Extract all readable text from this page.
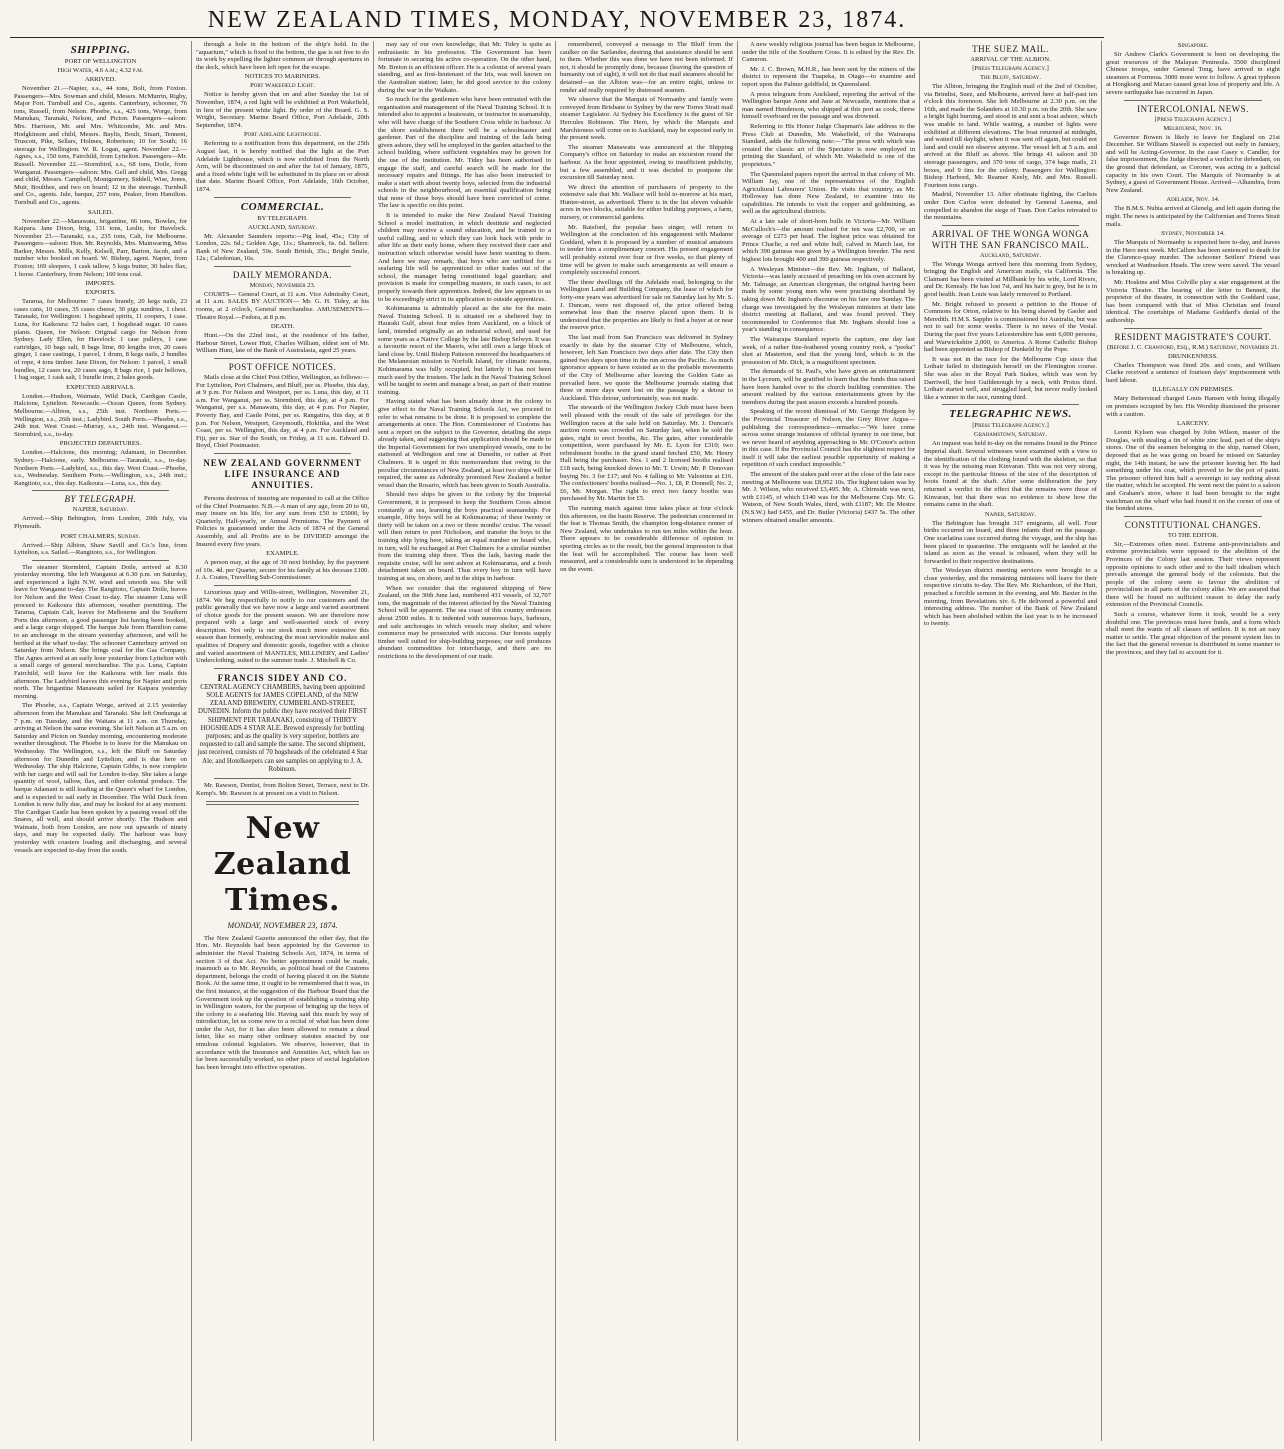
NEW ZEALAND TIMES, MONDAY, NOVEMBER 23, 1874.
SHIPPING.
PORT OF WELLINGTON
High Water, 4.6 a.m.; 4.32 p.m.
ARRIVED.

November 21.—Napier, s.s., 44 tons, Bolt, from Foxton. Passengers—Mrs. Sowman and child, Messrs. McMurrin, Rigby, Major Fort. Turnbull and Co., agents. Canterbury, schooner, 76 tons, Russell, from Nelson. Phoebe, s.s., 425 tons, Worge, from Manukau, Taranaki, Nelson, and Picton. Passengers—saloon: Mrs. Harrison, Mr. and Mrs. Whitcombe, Mr. and Mrs. Hodgkinson and child, Messrs. Baylis, Boult, Stuart, Tennent, Truscott, Pike, Sellars, Holmes, Robertson; 10 for South; 16 steerage for Wellington. W. R. Logan, agent. November 22.—Agnes, s.s., 150 tons, Fairchild, from Lyttelton. Passengers—Mr. Russell. November 22.—Stormbird, s.s., 68 tons, Doile, from Wanganui. Passengers—saloon: Mrs. Gell and child, Mrs. Gregg and child, Messrs. Campbell, Montgomery, Siddell, Wise, Jones, Muir, Boulthee, and two on board; 12 in the steerage. Turnbull and Co., agents. Jule, barque, 257 tons, Peaker, from Hamilton. Turnbull and Co., agents.

SAILED.

November 22.—Manawatu, brigantine, 66 tons, Bowles, for Kaipara. Jane Dixon, brig, 131 tons, Leslie, for Havelock. November 23.—Taranaki, s.s., 235 tons, Calt, for Melbourne. Passengers—saloon: Hon. Mr. Reynolds, Mrs. Mainwaring, Miss Barker, Messrs. Mills, Kelly, Kelsell, Parr, Barton, Jacob, and a number who booked on board. W. Bishop, agent. Napier, from Foxton; 169 sleepers, 1 cask tallow, 5 kegs butter, 30 bales flax, 1 horse. Canterbury, from Nelson; 160 tons coal.

IMPORTS.
EXPORTS.

Tararua, for Melbourne: 7 cases brandy, 20 kegs nails, 23 cases cans, 10 cases, 35 cases cheese, 30 pigs sundries, 1 chest. Taranaki, for Wellington: 1 hogshead spirits, 11 coopers, 1 case. Luna, for Kaikoura: 72 bales cart, 1 hogshead sugar. 10 cases plants. Queen, for Nelson: Original cargo for Nelson from Sydney. Lady Ellen, for Havelock: 1 case pulleys, 1 case cartridges, 10 bags salt, 8 bags lime, 80 lengths iron, 20 cases ginger, 1 case castings, 1 parcel, 1 drum, 8 kegs nails, 2 bundles of rope, 4 tons timber. Jane Dixon, for Nelson: 1 parcel, 1 small bundles, 12 cases tea, 20 cases sago, 8 bags rice, 1 pair bellows, 1 bag sugar, 1 cask salt, 1 bundle iron, 2 bales goods.

EXPECTED ARRIVALS.

London.—Hudson, Waimate, Wild Duck, Cardigan Castle, Halcione, Lyttelton. Newcastle.—Ocean Queen, from Sydney. Melbourne.—Albion, s.s., 25th inst. Northern Ports.—Wellington, s.s., 26th inst.; Ladybird. South Ports.—Phoebe, s.s., 24th inst. West Coast.—Murray, s.s., 24th inst. Wanganui.—Stormbird, s.s., to-day.

PROJECTED DEPARTURES.

London.—Halcione, this morning; Adamant, in December. Sydney.—Halcione, early. Melbourne.—Taranaki, s.s., to-day. Northern Ports.—Ladybird, s.s., this day. West Coast.—Phoebe, s.s., Wednesday. Southern Ports.—Wellington, s.s., 24th inst.; Rangitoto, s.s., this day. Kaikoura.—Luna, s.s., this day.

BY TELEGRAPH.
NAPIER, Saturday.

Arrived.—Ship Bebington, from London, 20th July, via Plymouth.

PORT CHALMERS, Sunday.

Arrived.—Ship Albion, Shaw Savill and Co.'s line, from Lyttelton, s.s. Sailed.—Rangitoto, s.s., for Wellington.

The steamer Stormbird, Captain Doile, arrived at 8.30 yesterday morning. She left Wanganui at 6.30 p.m. on Saturday, and experienced a light N.W. wind and smooth sea. She will leave for Wanganui to-day. The Rangitoto, Captain Doile, leaves for Nelson and the West Coast to-day. The steamer Luna will proceed to Kaikoura this afternoon, weather permitting. The Tararua, Captain Calt, leaves for Melbourne and the Southern Ports this afternoon, a good passenger list having been booked, and a large cargo shipped. The barque Jule from Hamilton came to an anchorage in the stream yesterday afternoon, and will be berthed at the wharf to-day. The schooner Canterbury arrived on Saturday from Nelson. She brings coal for the Gas Company. The Agnes arrived at an early hour yesterday from Lyttelton with a small cargo of general merchandise. The p.s. Luna, Captain Fairchild, will leave for the Kaikoura with her mails this afternoon. The Ladybird leaves this evening for Napier and ports north. The brigantine Manawatu sailed for Kaipara yesterday morning.

The Phoebe, s.s., Captain Worge, arrived at 2.15 yesterday afternoon from the Manukau and Taranaki. She left Onehunga at 7 p.m. on Tuesday, and the Waitara at 11 a.m. on Thursday, arriving at Nelson the same evening. She left Nelson at 5 a.m. on Saturday and Picton on Sunday morning, encountering moderate weather throughout. The Phoebe is to leave for the Manukau on Wednesday. The Wellington, s.s., left the Bluff on Saturday afternoon for Dunedin and Lyttelton, and is due here on Wednesday. The ship Halcione, Captain Gibbs, is now complete with her cargo and will sail for London to-day. She takes a large quantity of wool, tallow, flax, and other colonial produce. The barque Adamant is still loading at the Queen's wharf for London, and is expected to sail early in December. The Wild Duck from London is now fully due, and may be looked for at any moment. The Cardigan Castle has been spoken by a passing vessel off the Snares, all well, and should arrive shortly. The Hudson and Waimate, both from London, are now out upwards of ninety days, and may be expected daily. The harbour was busy yesterday with coasters loading and discharging, and several vessels are expected to-day from the south.

through a hole in the bottom of the ship's hold. In the "aquarium," which is fixed to the bottom, the gas is set free to do its work by expelling the lighter common air through apertures in the deck, which have been left open for the escape.

NOTICES TO MARINERS.
Port Wakefield Light.

Notice is hereby given that on and after Sunday the 1st of November, 1874, a red light will be exhibited at Port Wakefield, in lieu of the present white light. By order of the Board. G. S. Wright, Secretary. Marine Board Office, Port Adelaide, 20th September, 1874.

Port Adelaide Lighthouse.

Referring to a notification from this department, on the 25th August last, it is hereby notified that the light at the Port Adelaide Lighthouse, which is now exhibited from the North Arm, will be discontinued on and after the 1st of January, 1875, and a fixed white light will be substituted in its place on or about that date. Marine Board Office, Port Adelaide, 16th October, 1874.

COMMERCIAL.
BY TELEGRAPH.
AUCKLAND, Saturday.

Mr. Alexander Saunders reports:—Pig lead, 45s.; City of London, 22s. 6d.; Golden Age, 11s.; Shamrock, 6s. 6d. Sellers: Bank of New Zealand, 59s. South British, 35s.; Bright Smile, 12s.; Caledonian, 16s.

DAILY MEMORANDA.
Monday, November 23.

COURTS— General Court, at 11 a.m. Vice Admiralty Court, at 11 a.m. SALES BY AUCTION— Mr. G. H. Tidey, at his rooms, at 2 o'clock, General merchandise. AMUSEMENTS— Theatre Royal.—Fedora, at 8 p.m.

DEATH.

Hunt.—On the 22nd inst., at the residence of his father, Harbour Street, Lower Hutt, Charles William, eldest son of Mr. William Hunt, late of the Bank of Australasia, aged 25 years.

POST OFFICE NOTICES.

Mails close at the Chief Post Office, Wellington, as follows:— For Lyttelton, Port Chalmers, and Bluff, per ss. Phoebe, this day, at 9 p.m. For Nelson and Westport, per ss. Luna, this day, at 11 a.m. For Wanganui, per ss. Stormbird, this day, at 4 p.m. For Wanganui, per s.s. Manawatu, this day, at 4 p.m. For Napier, Poverty Bay, and Castle Point, per ss. Rangatira, this day, at 8 p.m. For Nelson, Westport, Greymouth, Hokitika, and the West Coast, per ss. Wellington, this day, at 4 p.m. For Auckland and Fiji, per ss. Star of the South, on Friday, at 11 a.m. Edward D. Boyd, Chief Postmaster.

NEW ZEALAND GOVERNMENT LIFE INSURANCE AND ANNUITIES.

Persons desirous of insuring are requested to call at the Office of the Chief Postmaster. N.B.—A man of any age, from 20 to 60, may insure on his life, for any sum from £50 to £5000, by Quarterly, Half-yearly, or Annual Premiums. The Payment of Policies is guaranteed under the Acts of 1874 of the General Assembly, and all Profits are to be DIVIDED amongst the Insured every five years.

EXAMPLE.

A person may, at the age of 30 next birthday, by the payment of 10s. 4d. per Quarter, secure for his family at his decease £100. J. A. Coates, Travelling Sub-Commissioner.

Luxurious quay and Willis-street, Wellington, November 21, 1874. We beg respectfully to notify to our customers and the public generally that we have now a large and varied assortment of choice goods for the present season. We are therefore now prepared with a large and well-assorted stock of every description. Not only is our stock much more extensive this season than formerly, embracing the most serviceable makes and qualities of Drapery and domestic goods, together with a choice and varied assortment of MANTLES, MILLINERY, and Ladies' Underclothing, suited to the summer trade. J. Mitchell & Co.

FRANCIS SIDEY AND CO.
CENTRAL AGENCY CHAMBERS, having been appointed SOLE AGENTS for JAMES COPELAND, of the NEW ZEALAND BREWERY, CUMBERLAND-STREET, DUNEDIN. Inform the public they have received their FIRST SHIPMENT PER TARANAKI, consisting of THIRTY HOGSHEADS 4 STAR ALE. Brewed expressly for bottling purposes; and as the quality is very superior, bottlers are requested to call and sample the same. The second shipment, just received, consists of 70 hogsheads of the celebrated 4 Star Ale, and Hotelkeepers can see samples on applying to J. A. Robinson.

Mr. Rawson, Dentist, from Bolton Street, Terrace, next to Dr. Kemp's. Mr. Rawson is at present on a visit to Nelson.

New Zealand Times.
MONDAY, NOVEMBER 23, 1874.

The New Zealand Gazette announced the other day, that the Hon. Mr. Reynolds had been appointed by the Governor to administer the Naval Training Schools Act, 1874, in terms of section 3 of that Act. No better appointment could be made, inasmuch as to Mr. Reynolds, as political head of the Customs department, belongs the credit of having placed it on the Statute Book. At the same time, it ought to be remembered that it was, in the first instance, at the suggestion of the Harbour Board that the Government took up the question of establishing a training ship in Wellington waters, for the purpose of bringing up the boys of the colony to a seafaring life. Having said this much by way of introduction, let us come now to a recital of what has been done under the Act, for it has also been allowed to remain a dead letter, like so many other ordinary statutes enacted by our emulous colonial legislators. We observe, however, that in accordance with the Insurance and Annuities Act, which has so far been successfully worked, no other piece of social legislation has been brought into effective operation.

may say of our own knowledge, that Mr. Tidey is quite as enthusiastic in his profession. The Government has been fortunate in securing his active co-operation. On the other hand, Mr. Breton is an efficient officer. He is a colonist of several years standing, and as first-lieutenant of the Iris, was well known on the Australian station; later, he did good service to the colony during the war in the Waikato.

So much for the gentlemen who have been entrusted with the organisation and management of the Naval Training School. It is intended also to appoint a boatswain, or instructor in seamanship, who will have charge of the Southern Cross while in harbour. At the shore establishment there will be a schoolmaster and gardener. Part of the discipline and training of the lads being given ashore, they will be employed in the garden attached to the school building, where sufficient vegetables may be grown for the use of the institution. Mr. Tidey has been authorised to engage the staff, and careful search will be made for the necessary repairs and fittings. He has also been instructed to make a start with about twenty boys, selected from the industrial schools in the neighbourhood, an essential qualification being that none of those boys should have been convicted of crime. The law is specific on this point.

It is intended to make the New Zealand Naval Training School a model institution, in which destitute and neglected children may receive a sound education, and be trained to a useful calling, and to which they can look back with pride in after life as their early home, where they received their care and instruction which otherwise would have been wanting to them. And here we may remark, that boys who are unfitted for a seafaring life will be apprenticed to other trades out of the school, the manager being constituted legal guardian; and provision is made for compelling masters, in such cases, to act properly towards their apprentices. Indeed, the law appears to us to be exceedingly strict in its application to outside apprentices.

Kohimarama is admirably placed as the site for the main Naval Training School. It is situated on a sheltered bay in Hauraki Gulf, about four miles from Auckland, on a block of land, intended originally as an industrial school, and used for some years as a Native College by the late Bishop Selwyn. It was a favourite resort of the Maoris, who still own a large block of land close by. Until Bishop Patteson removed the headquarters of the Melanesian mission to Norfolk Island, for climatic reasons, Kohimarama was fully occupied, but latterly it has not been much used by the trustees. The lads in the Naval Training School will be taught to swim and manage a boat, as part of their routine training.

Having stated what has been already done in the colony to give effect to the Naval Training Schools Act, we proceed to refer to what remains to be done. It is proposed to complete the arrangements at once. The Hon. Commissioner of Customs has sent a report on the subject to the Governor, detailing the steps already taken, and suggesting that application should be made to the Imperial Government for two unemployed vessels, one to be stationed at Wellington and one at Dunedin, or rather at Port Chalmers. It is urged in this memorandum that owing to the peculiar circumstances of New Zealand, at least two ships will be required, the same as Admiralty promised New Zealand a better vessel than the Rosario, which has been given to South Australia.

Should two ships be given to the colony by the Imperial Government, it is proposed to keep the Southern Cross almost constantly at sea, learning the boys practical seamanship. For example, fifty boys will be at Kohimarama; of these twenty or thirty will be taken on a two or three months' cruise. The vessel will then return to port Nicholson, and transfer the boys to the training ship lying here, taking an equal number on board who, in turn, will be exchanged at Port Chalmers for a similar number from the training ship there. Thus the lads, having made the requisite cruise, will be sent ashore at Kohimarama, and a fresh detachment taken on board. Thus every boy in turn will have training at sea, on shore, and in the ships in harbour.

When we consider that the registered shipping of New Zealand, on the 30th June last, numbered 431 vessels, of 32,707 tons, the magnitude of the interest affected by the Naval Training School will be apparent. The sea coast of this country embraces about 2500 miles. It is indented with numerous bays, harbours, and safe anchorages in which vessels may shelter, and where commerce may be prosecuted with success. Our forests supply timber well suited for ship-building purposes; our soil produces abundant commodities for interchange, and there are no restrictions to the development of our trade.

remembered, conveyed a message to The Bluff from the caulker on the Sarlandee, desiring that assistance should be sent to them. Whether this was done we have not been informed. If not, it should be promptly done, because (leaving the question of humanity out of sight), it will not do that mail steamers should be detained—as the Albion was—for an entire night, unless to render aid really required by distressed seamen.

We observe that the Marquis of Normanby and family were conveyed from Brisbane to Sydney by the new Torres Strait mail steamer Legislator. At Sydney his Excellency is the guest of Sir Hercules Robinson. The Hero, by which the Marquis and Marchioness will come on to Auckland, may be expected early in the present week.

The steamer Manawatu was announced at the Shipping Company's office on Saturday to make an excursion round the harbour. As the hour appointed, owing to insufficient publicity, but a few assembled, and it was decided to postpone the excursion till Saturday next.

We direct the attention of purchasers of property to the extensive sale that Mr. Wallace will hold to-morrow at his mart, Hunter-street, as advertised. There is in the list eleven valuable acres in two blocks, suitable for either building purposes, a farm, nursery, or commercial gardens.

Mr. Raisford, the popular bass singer, will return to Wellington at the conclusion of his engagement with Madame Goddard, when it is proposed by a number of musical amateurs to tender him a complimentary concert. His present engagement will probably extend over four or five weeks, so that plenty of time will be given to make such arrangements as will ensure a completely successful concert.

The three dwellings off the Adelaide road, belonging to the Wellington Land and Building Company, the lease of which for forty-one years was advertised for sale on Saturday last by Mr. S. J. Duncan, were not disposed of, the price offered being somewhat less than the reserve placed upon them. It is understood that the properties are likely to find a buyer at or near the reserve price.

The last mail from San Francisco was delivered in Sydney exactly to date by the steamer City of Melbourne, which, however, left San Francisco two days after date. The City then gained two days upon time in the run across the Pacific. As much ignorance appears to have existed as to the probable movements of the City of Melbourne after leaving the Golden Gate as prevailed here, we quote the Melbourne journals stating that three or more days were lost on the passage by a detour to Auckland. This detour, unfortunately, was not made.

The stewards of the Wellington Jockey Club must have been well pleased with the result of the sale of privileges for the Wellington races at the sale held on Saturday. Mr. J. Duncan's auction room was crowded on Saturday last, when he sold the gates, right to erect booths, &c. The gates, after considerable competition, were purchased by Mr. E. Lyon for £310; two refreshment booths in the grand stand fetched £50, Mr. Henry Hall being the purchaser. Nos. 1 and 2 licensed booths realised £18 each, being knocked down to Mr. T. Urwin; Mr. P. Donovan buying No. 3 for £17; and No. 4 falling to Mr. Valentine at £16. The confectioners' booths realised—No. 1, £8, P. Donnell; No. 2, £6, Mr. Morgan. The right to erect two fancy booths was purchased by Mr. Martin for £5.

The running match against time takes place at four o'clock this afternoon, on the basin Reserve. The pedestrian concerned in the feat is Thomas Smith, the champion long-distance runner of New Zealand, who undertakes to run ten miles within the hour. There appears to be considerable difference of opinion in sporting circles as to the result, but the general impression is that the feat will be accomplished. The course has been well measured, and a considerable sum is understood to be depending on the event.

A new weekly religious journal has been begun in Melbourne, under the title of the Southern Cross. It is edited by the Rev. Dr. Cameron.

Mr. J. C. Brown, M.H.R., has been sent by the miners of the district to represent the Tuapeka, in Otago—to examine and report upon the Palmer goldfield, in Queensland.

A press telegram from Auckland, reporting the arrival of the Wellington barque Anne and Jane at Newcastle, mentions that a man named Henderson, who shipped at this port as cook, threw himself overboard on the passage and was drowned.

Referring to His Honor Judge Chapman's late address to the Press Club at Dunedin, Mr. Wakefield, of the Wairarapa Standard, adds the following note:—"The press with which was created the classic art of the Spectator is now employed in printing the Standard, of which Mr. Wakefield is one of the proprietors."

The Queensland papers report the arrival in that colony of Mr. William Jay, one of the representatives of the English Agricultural Labourers' Union. He visits that country, as Mr. Holloway has done New Zealand, to examine into its capabilities. He intends to visit the copper and goldmining, as well as the agricultural districts.

At a late sale of short-horn bulls in Victoria—Mr. William McCulloch's—the amount realised for ten was £2,700, or an average of £273 per head. The highest price was obtained for Prince Charlie, a red and white bull, calved in March last, for which 390 guineas was given by a Wellington breeder. The next highest lots brought 400 and 390 guineas respectively.

A Wesleyan Minister—the Rev. Mr. Ingham, of Ballarat, Victoria—was lately accused of preaching on his own account by Mr. Talmage, an American clergyman, the original having been made by some young men who were practising shorthand by taking down Mr. Ingham's discourse on his fare one Sunday. The charge was investigated by the Wesleyan ministers at their late district meeting at Ballarat, and was found proved. They recommended to Conference that Mr. Ingham should lose a year's standing in consequence.

The Wairarapa Standard reports the capture, one day last week, of a rather fine-feathered young country rook, a "peeka" shot at Masterton, and that the young bird, which is in the possession of Mr. Dick, is a magnificent specimen.

The demands of St. Paul's, who have given an entertainment in the Lyceum, will be gratified to learn that the funds thus raised have been handed over to the church building committee. The amount realised by the various entertainments given by the members during the past season exceeds a hundred pounds.

Speaking of the recent dismissal of Mr. George Hodgson by the Provincial Treasurer of Nelson, the Grey River Argus—publishing the correspondence—remarks:—"We have come across some strange instances of official tyranny in our time, but we never heard of anything approaching to Mr. O'Conor's action in this case. If the Provincial Council has the slightest respect for itself it will take the earliest possible opportunity of making a repetition of such conduct impossible."

The amount of the stakes paid over at the close of the late race meeting at Melbourne was £8,952 10s. The highest taken was by Mr. J. Wilson, who received £3,495. Mr. A. Chirnside was next, with £1145, of which £140 was for the Melbourne Cup. Mr. G. Watson, of New South Wales, third, with £1187; Mr. De Mestre (N.S.W.) had £455, and Dr. Butler (Victoria) £437 5s. The other winners obtained smaller amounts.

THE SUEZ MAIL.
ARRIVAL OF THE ALBION.
[Press Telegraph Agency.]
The Bluff, Saturday.

The Albion, bringing the English mail of the 2nd of October, via Brindisi, Suez, and Melbourne, arrived here at half-past ten o'clock this forenoon. She left Melbourne at 2.30 p.m. on the 16th, and made the Solanders at 10.30 p.m. on the 20th. She saw a bright light burning, and stood in and sent a boat ashore, which was unable to land. While waiting, a number of lights were exhibited at different elevations. The boat returned at midnight, and waited till daylight, when it was sent off again, but could not land and could not observe anyone. The vessel left at 5 a.m. and arrived at the Bluff as above. She brings 41 saloon and 30 steerage passengers, and 370 tons of cargo, 374 bags mails, 21 boxes, and 9 tins for the colony. Passengers for Wellington: Bishop Harbord, Mr. Reamer Keely, Mr. and Mrs. Russell. Fourteen tons cargo.

Madrid, November 13. After obstinate fighting, the Carlists under Don Carlos were defeated by General Lasema, and compelled to abandon the siege of Tuan. Don Carlos retreated to the mountains.

ARRIVAL OF THE WONGA WONGA WITH THE SAN FRANCISCO MAIL.
Auckland, Saturday.

The Wonga Wonga arrived here this morning from Sydney, bringing the English and American mails, via California. The Claimant has been visited at Millbank by his wife, Lord Rivers, and Dr. Kenealy. He has lost 7st, and his hair is grey, but he is in good health. Jean Louis was lately removed to Portland.

Mr. Bright refused to present a petition to the House of Commons for Orton, relative to his being shaved by Gaoler and Meredith. H.M.S. Sappho is commissioned for Australia, but was not to sail for some weeks. There is no news of the Vestal. During the past five years Leicestershire has sent 6,000 persons, and Warwickshire 2,000, to America. A Rome Catholic Bishop had been appointed as Bishop of Dunkeld by the Pope.

It was not in the race for the Melbourne Cup since that Lothair failed to distinguish herself on the Flemington course. She was also in the Royal Park Stakes, which was won by Darriwell, the best Guildenough by a neck, with Protos third. Lothair started well, and struggled hard, but never really looked like a winner in the race, running third.

TELEGRAPHIC NEWS.
[Press Telegraph Agency.]
Grahamstown, Saturday.

An inquest was held to-day on the remains found in the Prince Imperial shaft. Several witnesses were examined with a view to the identification of the clothing found with the skeleton, so that it was by the missing man Kinvaran. This was not very strong, except in the particular fitness of the size of the description of boots found at the shaft. After some deliberation the jury returned a verdict to the effect that the remains were those of Kinvaran, but that there was no evidence to show how the remains came in the shaft.

Napier, Saturday.

The Bebington has brought 317 emigrants, all well. Four births occurred on board, and three infants died on the passage. One scarlatina case occurred during the voyage, and the ship has been placed in quarantine. The emigrants will be landed at the island as soon as the vessel is released, when they will be forwarded to their respective destinations.

The Wesleyan district meeting services were brought to a close yesterday, and the remaining ministers will leave for their respective circuits to-day. The Rev. Mr. Richardson, of the Hutt, preached a forcible sermon in the evening, and Mr. Baxter in the morning, from Revelations xiv. 6. He delivered a powerful and interesting address. The number of the Bank of New Zealand which has been abolished within the last year is to be increased to twenty.

Singapore.

Sir Andrew Clark's Government is bent on developing the great resources of the Malayan Peninsula. 3500 disciplined Chinese troops, under General Tong, have arrived in eight steamers at Formosa. 3000 more were to follow. A great typhoon at Hongkong and Macao caused great loss of property and life. A severe earthquake has occurred in Japan.

INTERCOLONIAL NEWS.
[Press Telegraph Agency.]
Melbourne, Nov. 16.

Governor Bowen is likely to leave for England on 21st December. Sir William Stawell is expected out early in January, and will be Acting-Governor. In the case Casey v. Candler, for false imprisonment, the Judge directed a verdict for defendant, on the ground that defendant, as Coroner, was acting in a judicial capacity in his own Court. The Marquis of Normanby is at Sydney, a guest of Government House. Arrived—Alhambra, from New Zealand.

Adelaide, Nov. 14.

The B.M.S. Nubia arrived at Glenelg, and left again during the night. The news is anticipated by the Californian and Torres Strait mails.

Sydney, November 14.

The Marquis of Normanby is expected here to-day, and leaves in the Hero next week. McCallum has been sentenced to death for the Clarence-quay murder. The schooner Settlers' Friend was wrecked at Wanbuoken Heads. The crew were saved. The vessel is breaking up.

Mr. Hoskins and Miss Colville play a star engagement at the Victoria Theatre. The hearing of the letter to Bennett, the proprietor of the theatre, in connection with the Goddard case, has been compared with that of Miss Christian and found identical. The courtships of Madame Goddard's denial of the authorship.

RESIDENT MAGISTRATE'S COURT.
(Before J. C. Crawford, Esq., R.M.) Saturday, November 21.
DRUNKENNESS.

Charles Thompson was fined 20s. and costs, and William Clarke received a sentence of fourteen days' imprisonment with hard labour.

ILLEGALLY ON PREMISES.

Mary Betterstead charged Louis Hansen with being illegally on premises occupied by her. His Worship dismissed the prisoner with a caution.

LARCENY.

Leonti Kylsen was charged by John Wilson, master of the Douglas, with stealing a tin of white zinc lead, part of the ship's stores. One of the seamen belonging to the ship, named Olsen, deposed that as he was going on board he missed on Saturday night, the 14th instant, he saw the prisoner leaving her. He had something under his coat, which proved to be the pot of paint. The prisoner offered him half a sovereign to say nothing about the matter, which he accepted. He went next the paint to a saloon and Graham's store, where it had been brought to the night watchman on the wharf who had found it on the corner of one of the bonded stores.

CONSTITUTIONAL CHANGES.
TO THE EDITOR.

Sir,—Extremes often meet. Extreme anti-provincialists and extreme provincialists were opposed to the abolition of the Provinces of the Colony last session. Their views represent opposite opinions to each other and to the half idealism which prevails amongst the general body of the colonists. But the people of the colony seem to favour the abolition of provincialism in all parts of the colony alike. We are assured that there will be found no sufficient reason to delay the early extension of the Provincial Councils.

Such a course, whatever form it took, would be a very doubtful one. The provinces must have funds, and a form which shall meet the wants of all classes of settlers. It is not an easy matter to settle. The great objection of the present system lies in the fact that the general revenue is distributed in some manner to the provinces, and they fail to account for it.
